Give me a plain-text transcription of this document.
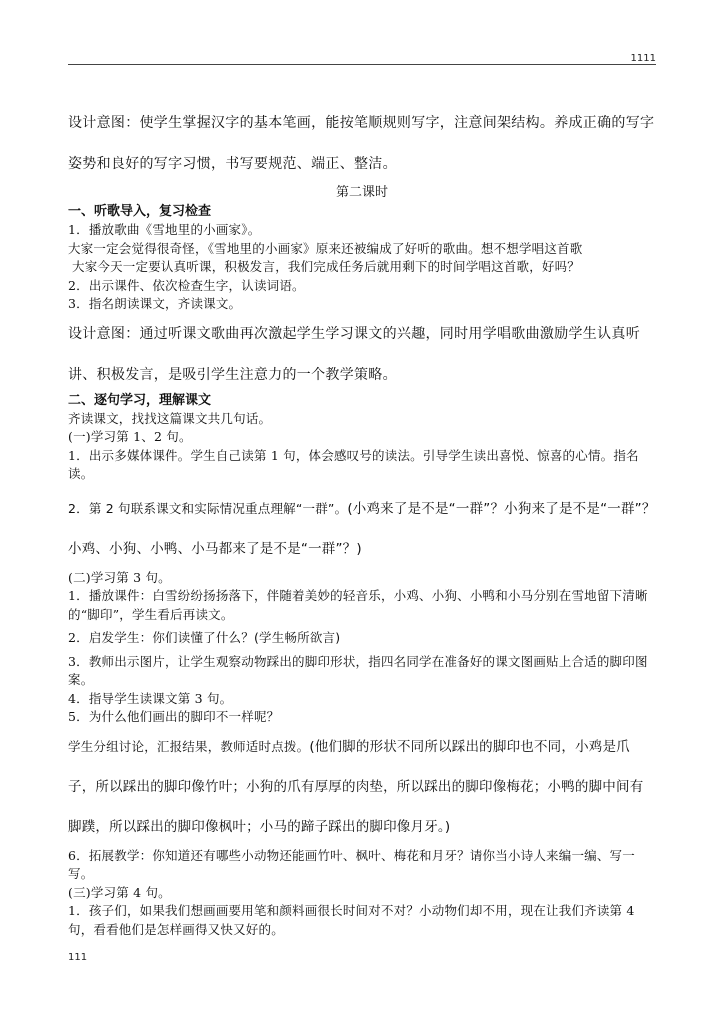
1111

设计意图：使学生掌握汉字的基本笔画，能按笔顺规则写字，注意间架结构。养成正确的写字姿势和良好的写字习惯，书写要规范、端正、整洁。

第二课时

一、听歌导入，复习检查

1．播放歌曲《雪地里的小画家》。

大家一定会觉得很奇怪，《雪地里的小画家》原来还被编成了好听的歌曲。想不想学唱这首歌

大家今天一定要认真听课，积极发言，我们完成任务后就用剩下的时间学唱这首歌，好吗？

2．出示课件、依次检查生字，认读词语。

3．指名朗读课文，齐读课文。

设计意图：通过听课文歌曲再次激起学生学习课文的兴趣，同时用学唱歌曲激励学生认真听讲、积极发言，是吸引学生注意力的一个教学策略。

二、逐句学习，理解课文

齐读课文，找找这篇课文共几句话。

(一)学习第 1、2 句。

1．出示多媒体课件。学生自己读第 1 句，体会感叹号的读法。引导学生读出喜悦、惊喜的心情。指名读。

2．第 2 句联系课文和实际情况重点理解“一群”。(小鸡来了是不是“一群”？小狗来了是不是“一群”？小鸡、小狗、小鸭、小马都来了是不是“一群”？)

(二)学习第 3 句。

1．播放课件：白雪纷纷扬扬落下，伴随着美妙的轻音乐，小鸡、小狗、小鸭和小马分别在雪地留下清晰的“脚印”，学生看后再读文。

2．启发学生：你们读懂了什么？(学生畅所欲言)

3．教师出示图片，让学生观察动物踩出的脚印形状，指四名同学在准备好的课文图画贴上合适的脚印图案。

4．指导学生读课文第 3 句。

5．为什么他们画出的脚印不一样呢？

学生分组讨论，汇报结果，教师适时点拨。(他们脚的形状不同所以踩出的脚印也不同，小鸡是爪子，所以踩出的脚印像竹叶；小狗的爪有厚厚的肉垫，所以踩出的脚印像梅花；小鸭的脚中间有脚蹼，所以踩出的脚印像枫叶；小马的蹄子踩出的脚印像月牙。)

6．拓展教学：你知道还有哪些小动物还能画竹叶、枫叶、梅花和月牙？请你当小诗人来编一编、写一写。

(三)学习第 4 句。

1．孩子们，如果我们想画画要用笔和颜料画很长时间对不对？小动物们却不用，现在让我们齐读第 4 句，看看他们是怎样画得又快又好的。

111
